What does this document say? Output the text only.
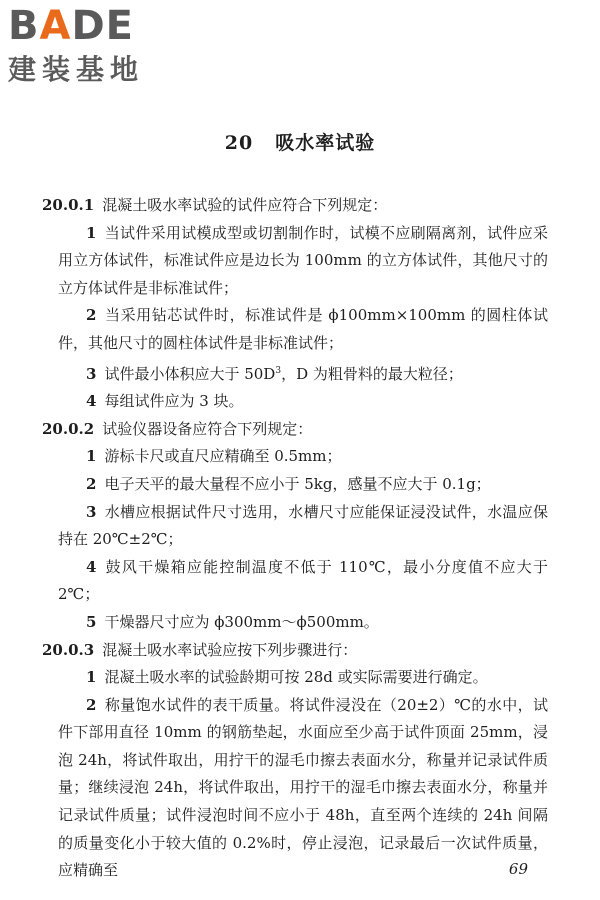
BADE
建装基地
20 吸水率试验
20.0.1 混凝土吸水率试验的试件应符合下列规定：
1 当试件采用试模成型或切割制作时，试模不应刷隔离剂，试件应采用立方体试件，标准试件应是边长为 100mm 的立方体试件，其他尺寸的立方体试件是非标准试件；
2 当采用钻芯试件时，标准试件是 ϕ100mm×100mm 的圆柱体试件，其他尺寸的圆柱体试件是非标准试件；
3 试件最小体积应大于 $50D^3$，D 为粗骨料的最大粒径；
4 每组试件应为 3 块。
20.0.2 试验仪器设备应符合下列规定：
1 游标卡尺或直尺应精确至 0.5mm；
2 电子天平的最大量程不应小于 5kg，感量不应大于 0.1g；
3 水槽应根据试件尺寸选用，水槽尺寸应能保证浸没试件，水温应保持在 20℃±2℃；
4 鼓风干燥箱应能控制温度不低于 110℃，最小分度值不应大于 2℃；
5 干燥器尺寸应为 ϕ300mm～ϕ500mm。
20.0.3 混凝土吸水率试验应按下列步骤进行：
1 混凝土吸水率的试验龄期可按 28d 或实际需要进行确定。
2 称量饱水试件的表干质量。将试件浸没在（20±2）℃的水中，试件下部用直径 10mm 的钢筋垫起，水面应至少高于试件顶面 25mm，浸泡 24h，将试件取出，用拧干的湿毛巾擦去表面水分，称量并记录试件质量；继续浸泡 24h，将试件取出，用拧干的湿毛巾擦去表面水分，称量并记录试件质量；试件浸泡时间不应小于 48h，直至两个连续的 24h 间隔的质量变化小于较大值的 0.2%时，停止浸泡，记录最后一次试件质量，应精确至	69
